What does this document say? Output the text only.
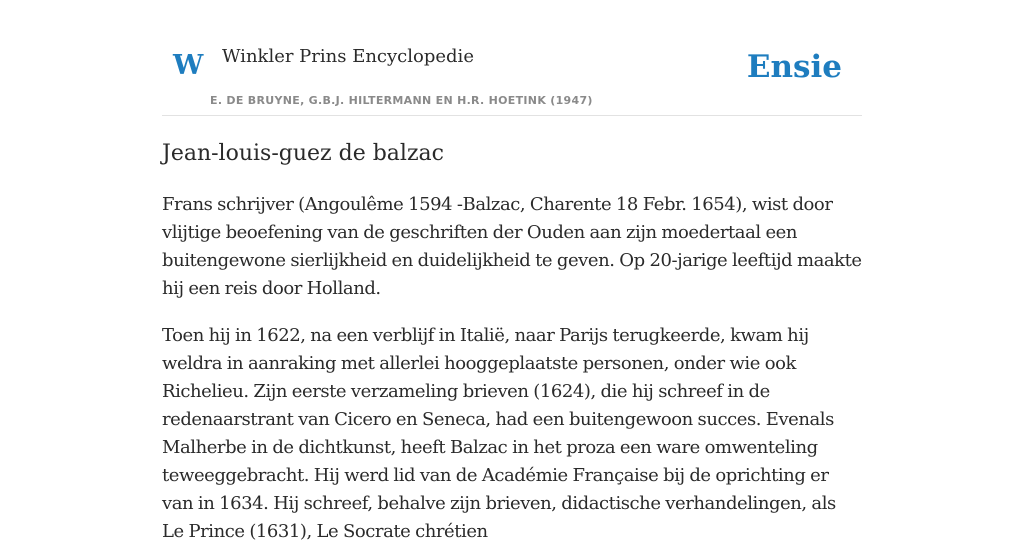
W Winkler Prins Encyclopedie
E. DE BRUYNE, G.B.J. HILTERMANN EN H.R. HOETINK (1947)
Ensie
Jean-louis-guez de balzac

Frans schrijver (Angoulême 1594 -Balzac, Charente 18 Febr. 1654), wist door vlijtige beoefening van de geschriften der Ouden aan zijn moedertaal een buitengewone sierlijkheid en duidelijkheid te geven. Op 20-jarige leeftijd maakte hij een reis door Holland.

Toen hij in 1622, na een verblijf in Italië, naar Parijs terugkeerde, kwam hij weldra in aanraking met allerlei hooggeplaatste personen, onder wie ook Richelieu. Zijn eerste verzameling brieven (1624), die hij schreef in de redenaarstrant van Cicero en Seneca, had een buitengewoon succes. Evenals Malherbe in de dichtkunst, heeft Balzac in het proza een ware omwenteling teweeggebracht. Hij werd lid van de Académie Française bij de oprichting er van in 1634. Hij schreef, behalve zijn brieven, didactische verhandelingen, als Le Prince (1631), Le Socrate chrétien
